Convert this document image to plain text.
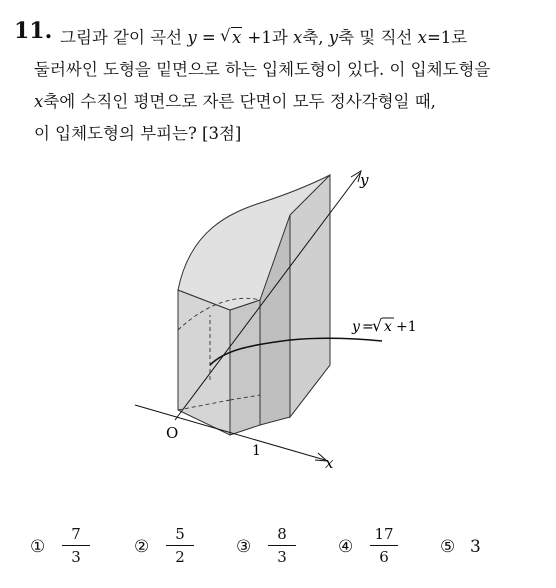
11. 그림과 같이 곡선 y = √ x +1과 x축, y축 및 직선 x=1로
둘러싸인 도형을 밑면으로 하는 입체도형이 있다. 이 입체도형을
x축에 수직인 평면으로 자른 단면이 모두 정사각형일 때,
이 입체도형의 부피는? [3점]
y
x
O
1
y =
√ x +1
① $\frac{7}{3}$	② $\frac{5}{2}$ ③ $\frac{8}{3}$ ④ $\frac{17}{6}$ ⑤ 3
